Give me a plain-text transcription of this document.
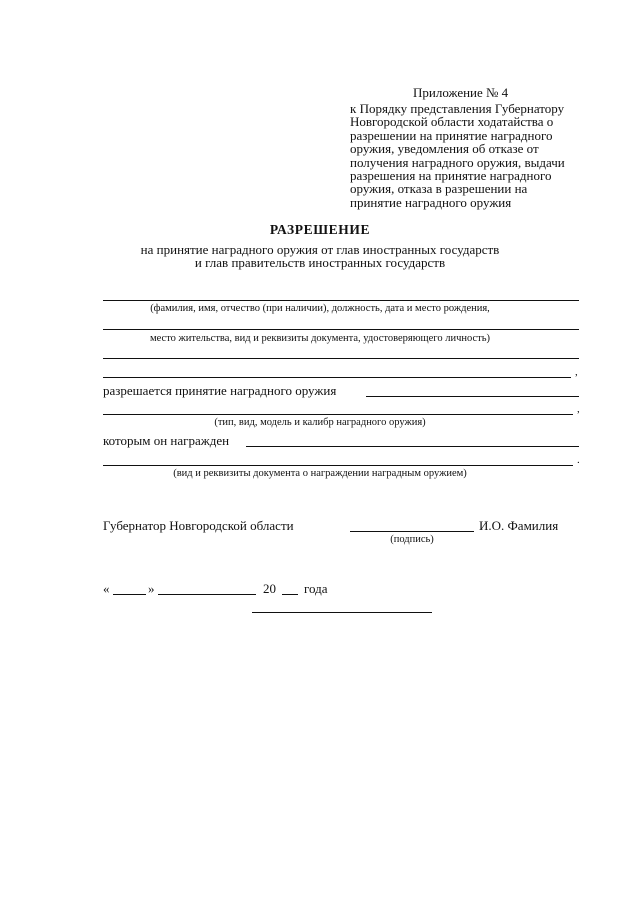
Приложение № 4
к Порядку представления Губернатору
Новгородской области ходатайства о
разрешении на принятие наградного
оружия, уведомления об отказе от
получения наградного оружия, выдачи
разрешения на принятие наградного
оружия, отказа в разрешении на
принятие наградного оружия
РАЗРЕШЕНИЕ
на принятие наградного оружия от глав иностранных государств
и глав правительств иностранных государств
(фамилия, имя, отчество (при наличии), должность, дата и место рождения,
место жительства, вид и реквизиты документа, удостоверяющего личность)
,
разрешается принятие наградного оружия
,
(тип, вид, модель и калибр наградного оружия)
которым он награжден
.
(вид и реквизиты документа о награждении наградным оружием)
Губернатор Новгородской области	И.О. Фамилия
(подпись)
«	»	20 года
